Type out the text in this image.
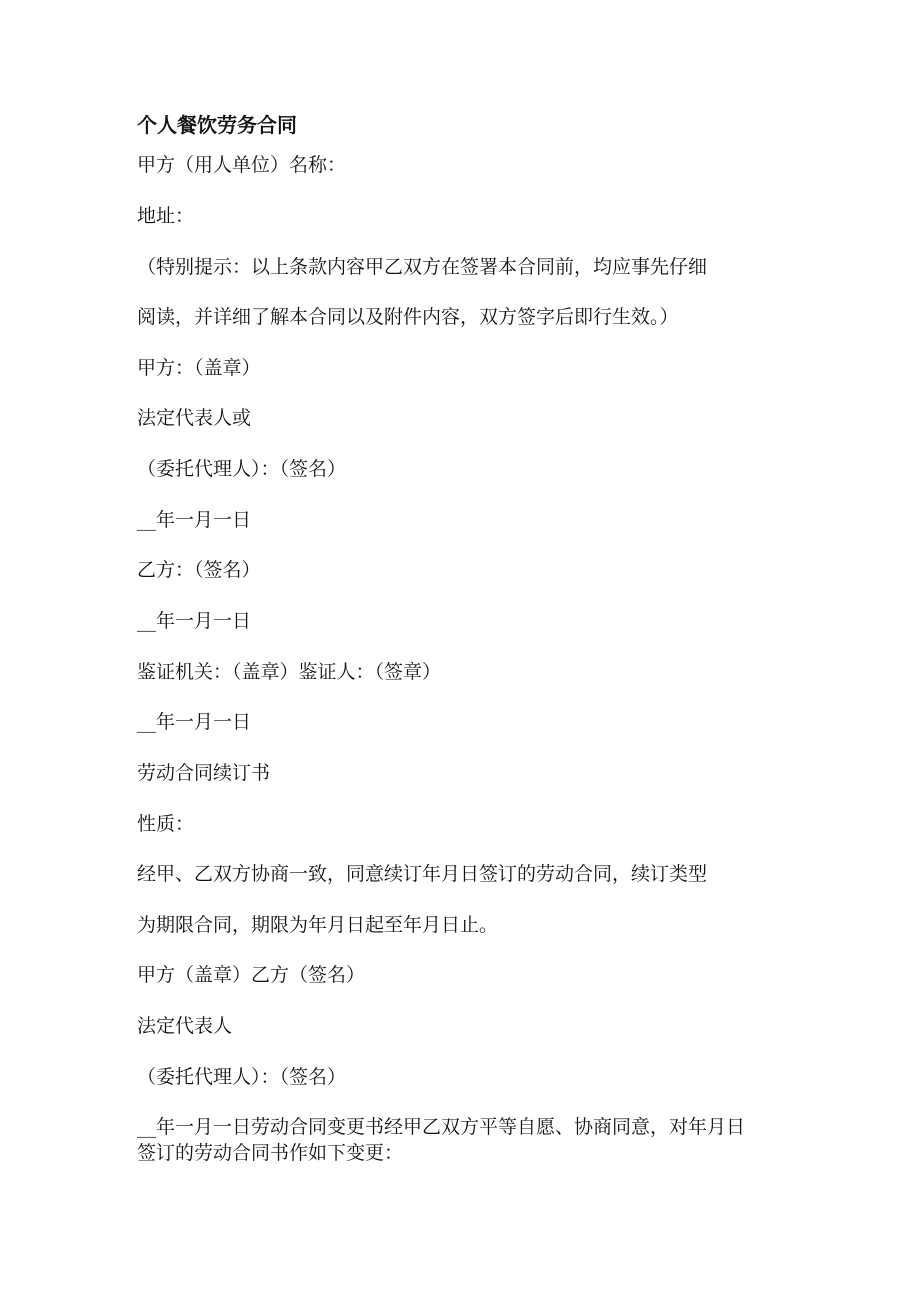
个人餐饮劳务合同

甲方（用人单位）名称：

地址：

（特别提示：以上条款内容甲乙双方在签署本合同前，均应事先仔细

阅读，并详细了解本合同以及附件内容，双方签字后即行生效。）

甲方：（盖章）

法定代表人或

（委托代理人）：（签名）

__年一月一日

乙方：（签名）

__年一月一日

鉴证机关：（盖章）鉴证人：（签章）

__年一月一日

劳动合同续订书

性质：

经甲、乙双方协商一致，同意续订年月日签订的劳动合同，续订类型

为期限合同，期限为年月日起至年月日止。

甲方（盖章）乙方（签名）

法定代表人

（委托代理人）：（签名）

__年一月一日劳动合同变更书经甲乙双方平等自愿、协商同意，对年月日

签订的劳动合同书作如下变更：
